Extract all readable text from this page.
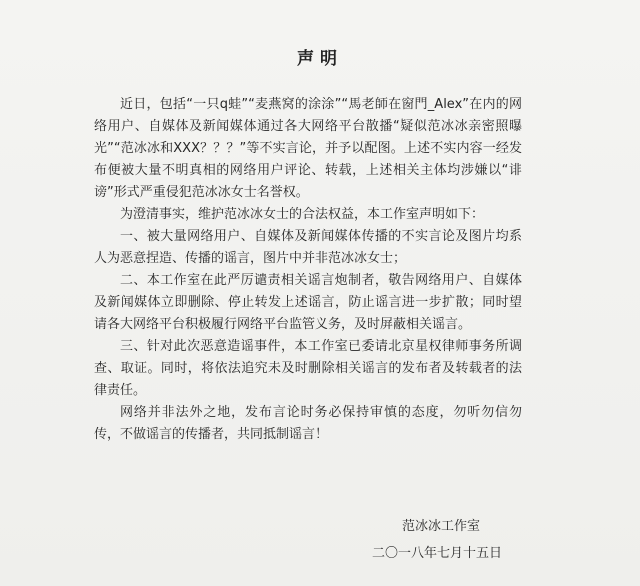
声明

近日，包括“一只q蛙”“麦燕窝的涂涂”“馬老師在窗門_Alex”在内的网络用户、自媒体及新闻媒体通过各大网络平台散播“疑似范冰冰亲密照曝光”“范冰冰和XXX？？？”等不实言论，并予以配图。上述不实内容一经发布便被大量不明真相的网络用户评论、转载，上述相关主体均涉嫌以“诽谤”形式严重侵犯范冰冰女士名誉权。

为澄清事实，维护范冰冰女士的合法权益，本工作室声明如下：

一、被大量网络用户、自媒体及新闻媒体传播的不实言论及图片均系人为恶意捏造、传播的谣言，图片中并非范冰冰女士；

二、本工作室在此严厉谴责相关谣言炮制者，敬告网络用户、自媒体及新闻媒体立即删除、停止转发上述谣言，防止谣言进一步扩散；同时望请各大网络平台积极履行网络平台监管义务，及时屏蔽相关谣言。

三、针对此次恶意造谣事件，本工作室已委请北京星权律师事务所调查、取证。同时，将依法追究未及时删除相关谣言的发布者及转载者的法律责任。

网络并非法外之地，发布言论时务必保持审慎的态度，勿听勿信勿传，不做谣言的传播者，共同抵制谣言！

范冰冰工作室
二〇一八年七月十五日
